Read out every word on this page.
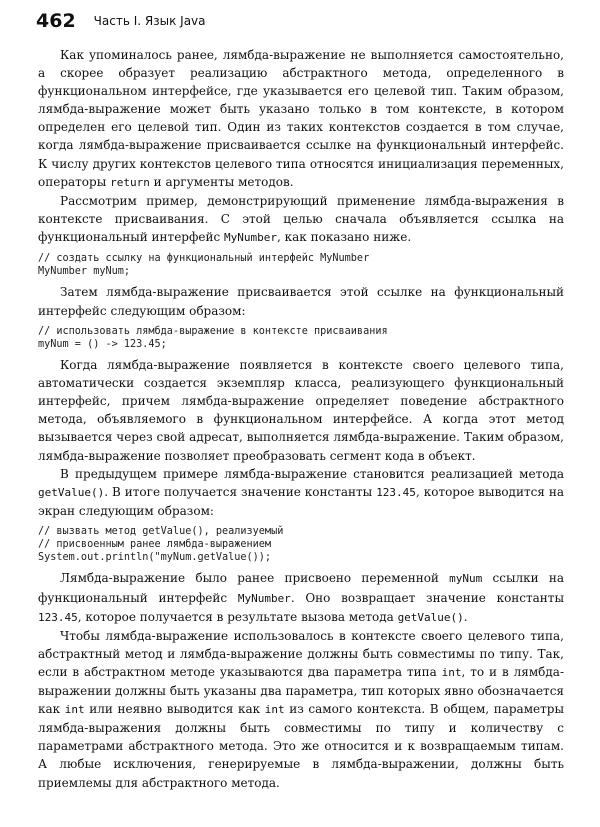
462 Часть I. Язык Java

Как упоминалось ранее, лямбда-выражение не выполняется самостоятельно, а скорее образует реализацию абстрактного метода, определенного в функциональном интерфейсе, где указывается его целевой тип. Таким образом, лямбда-выражение может быть указано только в том контексте, в котором определен его целевой тип. Один из таких контекстов создается в том случае, когда лямбда-выражение присваивается ссылке на функциональный интерфейс. К числу других контекстов целевого типа относятся инициализация переменных, операторы return и аргументы методов.

Рассмотрим пример, демонстрирующий применение лямбда-выражения в контексте присваивания. С этой целью сначала объявляется ссылка на функциональный интерфейс MyNumber, как показано ниже.

// создать ссылку на функциональный интерфейс MyNumber
MyNumber myNum;

Затем лямбда-выражение присваивается этой ссылке на функциональный интерфейс следующим образом:

// использовать лямбда-выражение в контексте присваивания
myNum = () -> 123.45;

Когда лямбда-выражение появляется в контексте своего целевого типа, автоматически создается экземпляр класса, реализующего функциональный интерфейс, причем лямбда-выражение определяет поведение абстрактного метода, объявляемого в функциональном интерфейсе. А когда этот метод вызывается через свой адресат, выполняется лямбда-выражение. Таким образом, лямбда-выражение позволяет преобразовать сегмент кода в объект.

В предыдущем примере лямбда-выражение становится реализацией метода getValue(). В итоге получается значение константы 123.45, которое выводится на экран следующим образом:

// вызвать метод getValue(), реализуемый
// присвоенным ранее лямбда-выражением
System.out.println("myNum.getValue());

Лямбда-выражение было ранее присвоено переменной myNum ссылки на функциональный интерфейс MyNumber. Оно возвращает значение константы 123.45, которое получается в результате вызова метода getValue().

Чтобы лямбда-выражение использовалось в контексте своего целевого типа, абстрактный метод и лямбда-выражение должны быть совместимы по типу. Так, если в абстрактном методе указываются два параметра типа int, то и в лямбда-выражении должны быть указаны два параметра, тип которых явно обозначается как int или неявно выводится как int из самого контекста. В общем, параметры лямбда-выражения должны быть совместимы по типу и количеству с параметрами абстрактного метода. Это же относится и к возвращаемым типам. А любые исключения, генерируемые в лямбда-выражении, должны быть приемлемы для абстрактного метода.
